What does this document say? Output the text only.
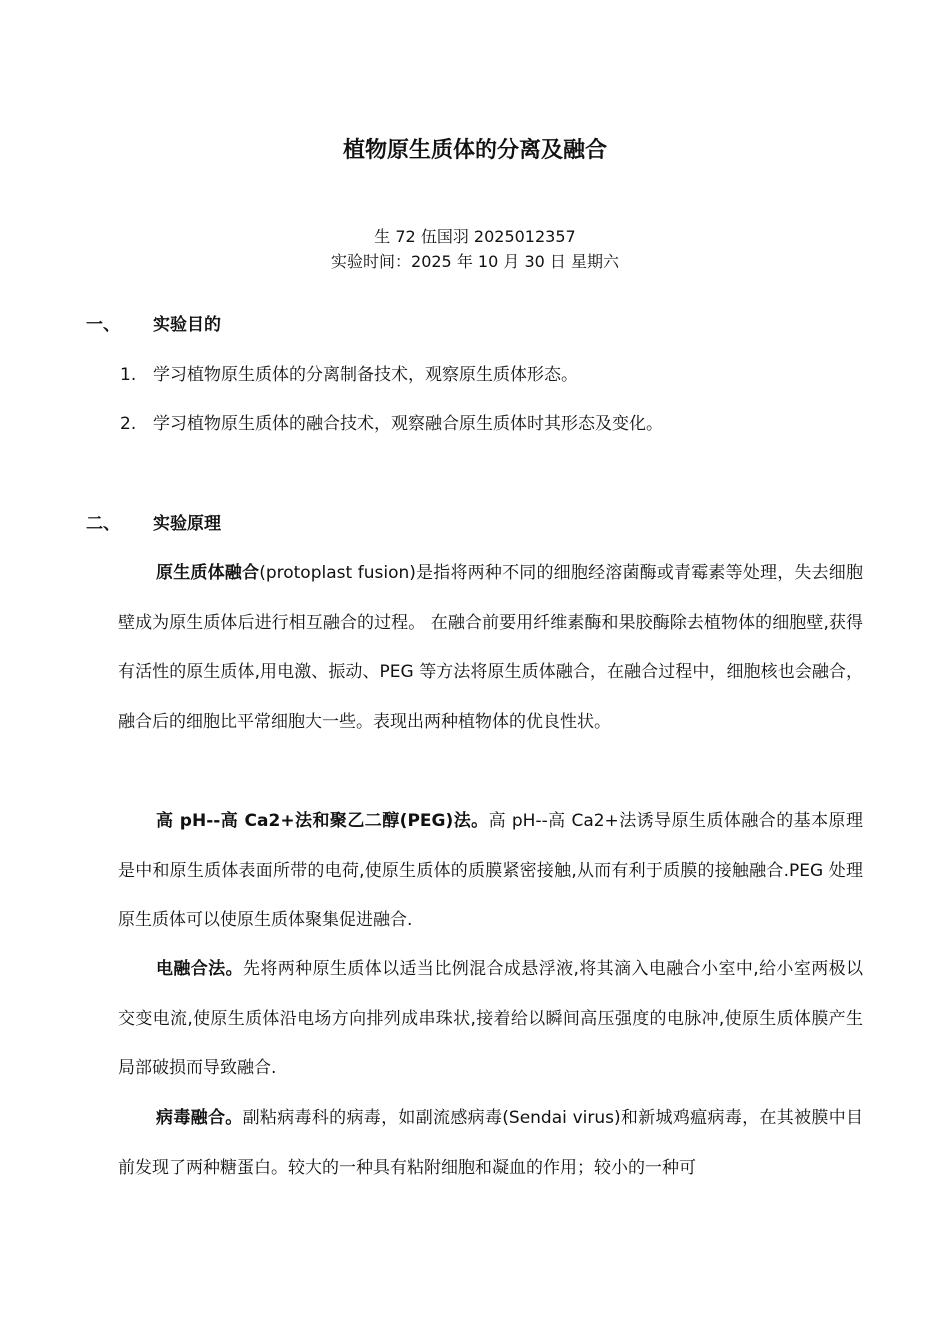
植物原生质体的分离及融合
生 72 伍国羽 2025012357
实验时间：2025 年 10 月 30 日 星期六
一、	实验目的
1. 学习植物原生质体的分离制备技术，观察原生质体形态。
2. 学习植物原生质体的融合技术，观察融合原生质体时其形态及变化。
二、	实验原理

原生质体融合(protoplast fusion)是指将两种不同的细胞经溶菌酶或青霉素等处理，失去细胞壁成为原生质体后进行相互融合的过程。 在融合前要用纤维素酶和果胶酶除去植物体的细胞壁,获得有活性的原生质体,用电激、振动、PEG 等方法将原生质体融合，在融合过程中，细胞核也会融合，融合后的细胞比平常细胞大一些。表现出两种植物体的优良性状。

高 pH--高 Ca2+法和聚乙二醇(PEG)法。高 pH--高 Ca2+法诱导原生质体融合的基本原理是中和原生质体表面所带的电荷,使原生质体的质膜紧密接触,从而有利于质膜的接触融合.PEG 处理原生质体可以使原生质体聚集促进融合.

电融合法。先将两种原生质体以适当比例混合成悬浮液,将其滴入电融合小室中,给小室两极以交变电流,使原生质体沿电场方向排列成串珠状,接着给以瞬间高压强度的电脉冲,使原生质体膜产生局部破损而导致融合.

病毒融合。副粘病毒科的病毒，如副流感病毒(Sendai virus)和新城鸡瘟病毒，在其被膜中目前发现了两种糖蛋白。较大的一种具有粘附细胞和凝血的作用；较小的一种可
